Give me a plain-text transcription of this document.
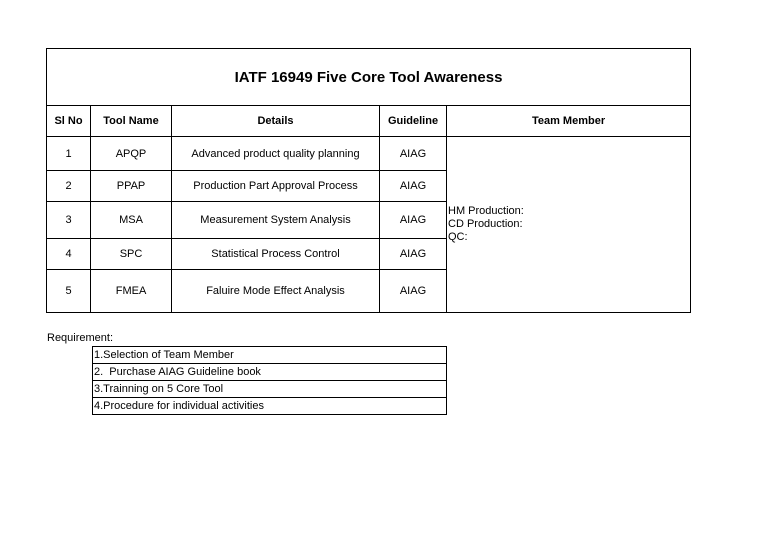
IATF 16949 Five Core Tool Awareness				
Sl No	Tool Name	Details	Guideline	Team Member
1	APQP	Advanced product quality planning	AIAG	HM Production:
CD Production:
QC:

2	PPAP	Production Part Approval Process	AIAG	
3	MSA	Measurement System Analysis	AIAG	
4	SPC	Statistical Process Control	AIAG	
5	FMEA	Faluire Mode Effect Analysis	AIAG	
Requirement:
1.Selection of Team Member
2.  Purchase AIAG Guideline book
3.Trainning on 5 Core Tool
4.Procedure for individual activities
